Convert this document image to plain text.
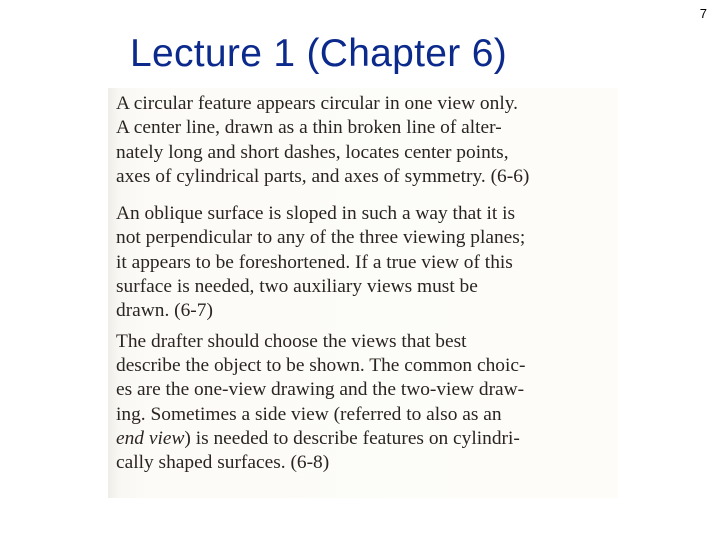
7
Lecture 1 (Chapter 6)

A circular feature appears circular in one view only.
A center line, drawn as a thin broken line of alter-
nately long and short dashes, locates center points,
axes of cylindrical parts, and axes of symmetry. (6-6)

An oblique surface is sloped in such a way that it is
not perpendicular to any of the three viewing planes;
it appears to be foreshortened. If a true view of this
surface is needed, two auxiliary views must be
drawn. (6-7)

The drafter should choose the views that best
describe the object to be shown. The common choic-
es are the one-view drawing and the two-view draw-
ing. Sometimes a side view (referred to also as an
end view) is needed to describe features on cylindri-
cally shaped surfaces. (6-8)
